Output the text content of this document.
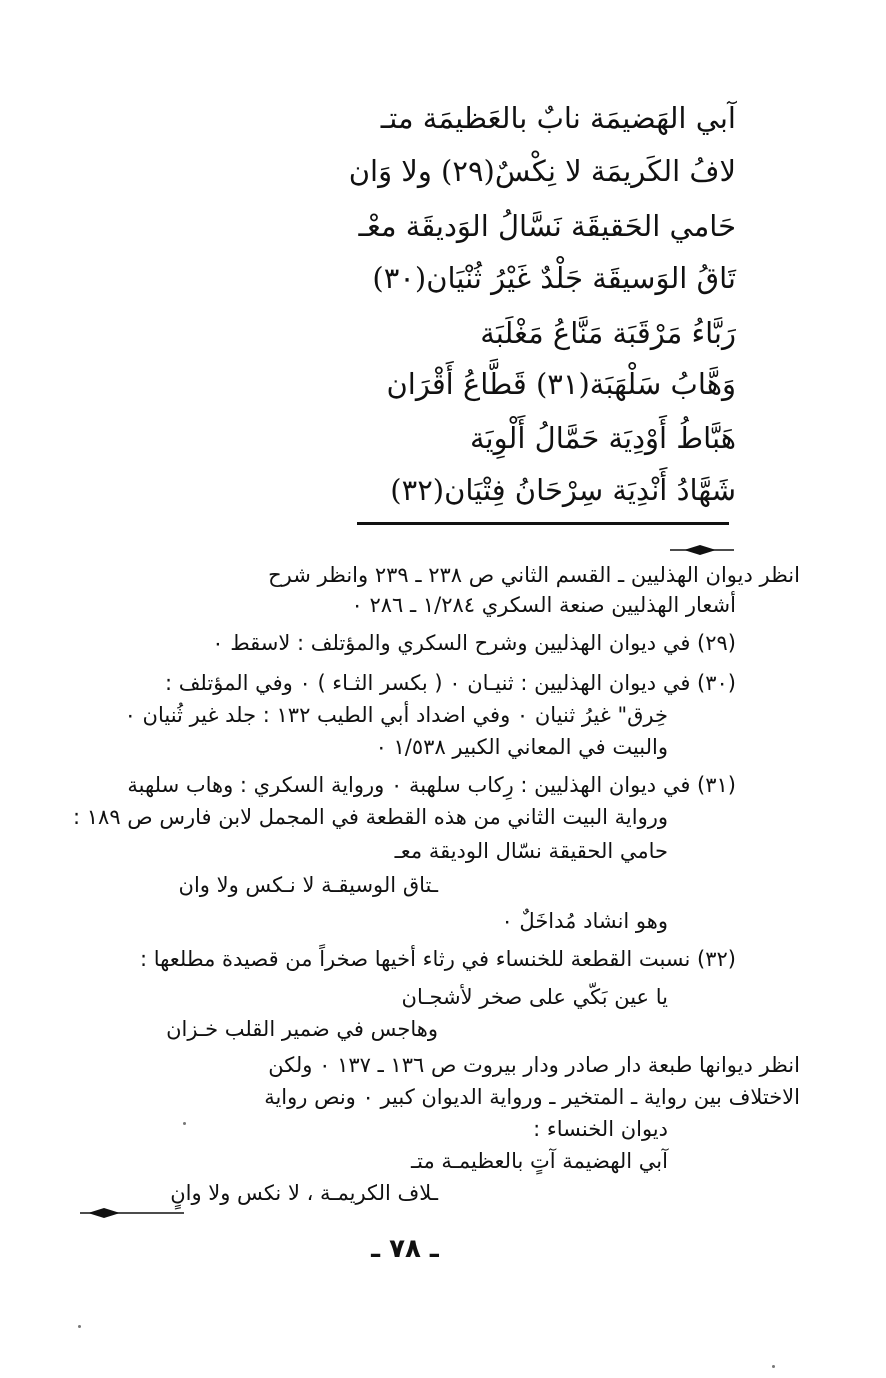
آبي الهَضيمَة نابٌ بالعَظيمَة متـ
لافُ الكَريمَة لا نِكْسٌ(٢٩) ولا وَان
حَامي الحَقيقَة نَسَّالُ الوَديقَة معْـ
تَاقُ الوَسيقَة جَلْدٌ غَيْرُ ثُنْيَان(٣٠)
رَبَّاءُ مَرْقَبَة مَنَّاعُ مَغْلَبَة
وَهَّابُ سَلْهَبَة(٣١) قَطَّاعُ أَقْرَان
هَبَّاطُ أَوْدِيَة حَمَّالُ أَلْوِيَة
شَهَّادُ أَنْدِيَة سِرْحَانُ فِتْيَان(٣٢)
انظر ديوان الهذليين ـ القسم الثاني ص ٢٣٨ ـ ٢٣٩ وانظر شرح
أشعار الهذليين صنعة السكري ١/٢٨٤ ـ ٢٨٦ ٠
(٢٩) في ديوان الهذليين وشرح السكري والمؤتلف : لاسقط ٠
(٣٠) في ديوان الهذليين : ثنيـان ٠ ( بكسر الثـاء ) ٠ وفي المؤتلف :
خِرق" غيرُ ثنيان ٠ وفي اضداد أبي الطيب ١٣٢ : جلد غير ثُنيان ٠
والبيت في المعاني الكبير ١/٥٣٨ ٠
(٣١) في ديوان الهذليين : رِكاب سلهبة ٠ ورواية السكري : وهاب سلهبة
ورواية البيت الثاني من هذه القطعة في المجمل لابن فارس ص ١٨٩ :
حامي الحقيقة نسّال الوديقة معـ
ـتاق الوسيقـة لا نـكس ولا وان
وهو انشاد مُداخَلٌ ٠
(٣٢) نسبت القطعة للخنساء في رثاء أخيها صخراً من قصيدة مطلعها :
يا عين بَكّي على صخر لأشجـان
وهاجس في ضمير القلب خـزان
انظر ديوانها طبعة دار صادر ودار بيروت ص ١٣٦ ـ ١٣٧ ٠ ولكن
الاختلاف بين رواية ـ المتخير ـ ورواية الديوان كبير ٠ ونص رواية
ديوان الخنساء :
آبي الهضيمة آتٍ بالعظيمـة متـ
ـلاف الكريمـة ، لا نكس ولا وانٍ
ـ ٧٨ ـ
